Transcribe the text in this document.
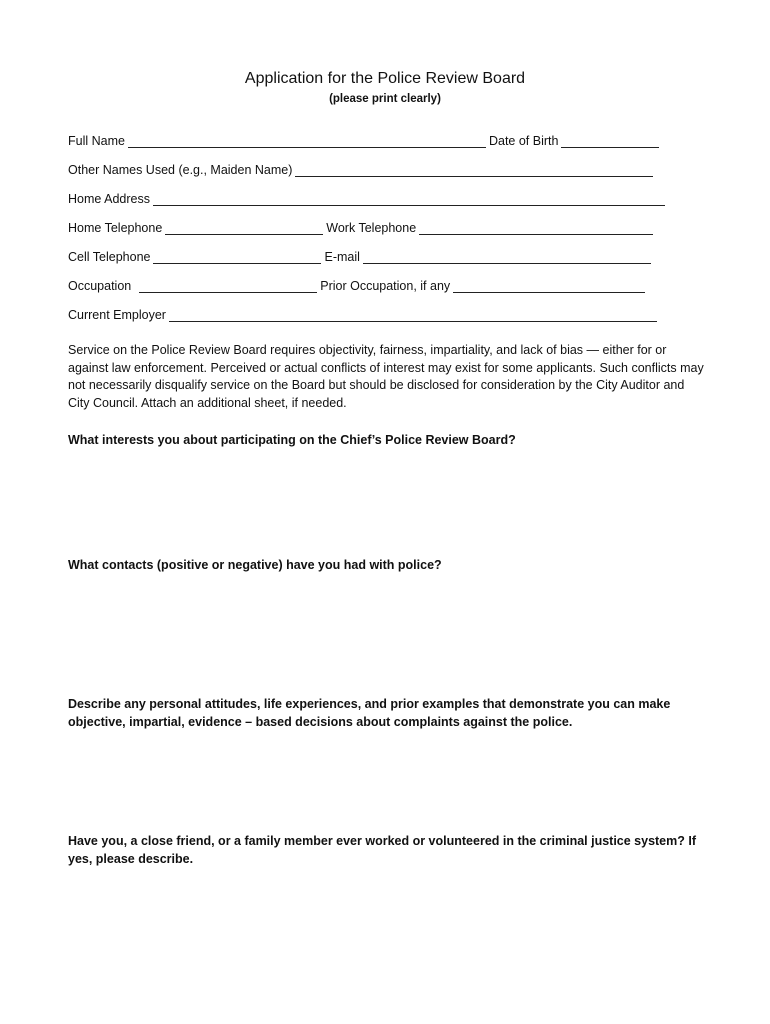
Application for the Police Review Board
(please print clearly)
Full Name	Date of Birth
Other Names Used (e.g., Maiden Name)
Home Address
Home Telephone	Work Telephone
Cell Telephone	E-mail
Occupation	Prior Occupation, if any
Current Employer

Service on the Police Review Board requires objectivity, fairness, impartiality, and lack of bias — either for or against law enforcement. Perceived or actual conflicts of interest may exist for some applicants. Such conflicts may not necessarily disqualify service on the Board but should be disclosed for consideration by the City Auditor and City Council. Attach an additional sheet, if needed.

What interests you about participating on the Chief’s Police Review Board?

What contacts (positive or negative) have you had with police?

Describe any personal attitudes, life experiences, and prior examples that demonstrate you can make objective, impartial, evidence – based decisions about complaints against the police.

Have you, a close friend, or a family member ever worked or volunteered in the criminal justice system? If yes, please describe.
